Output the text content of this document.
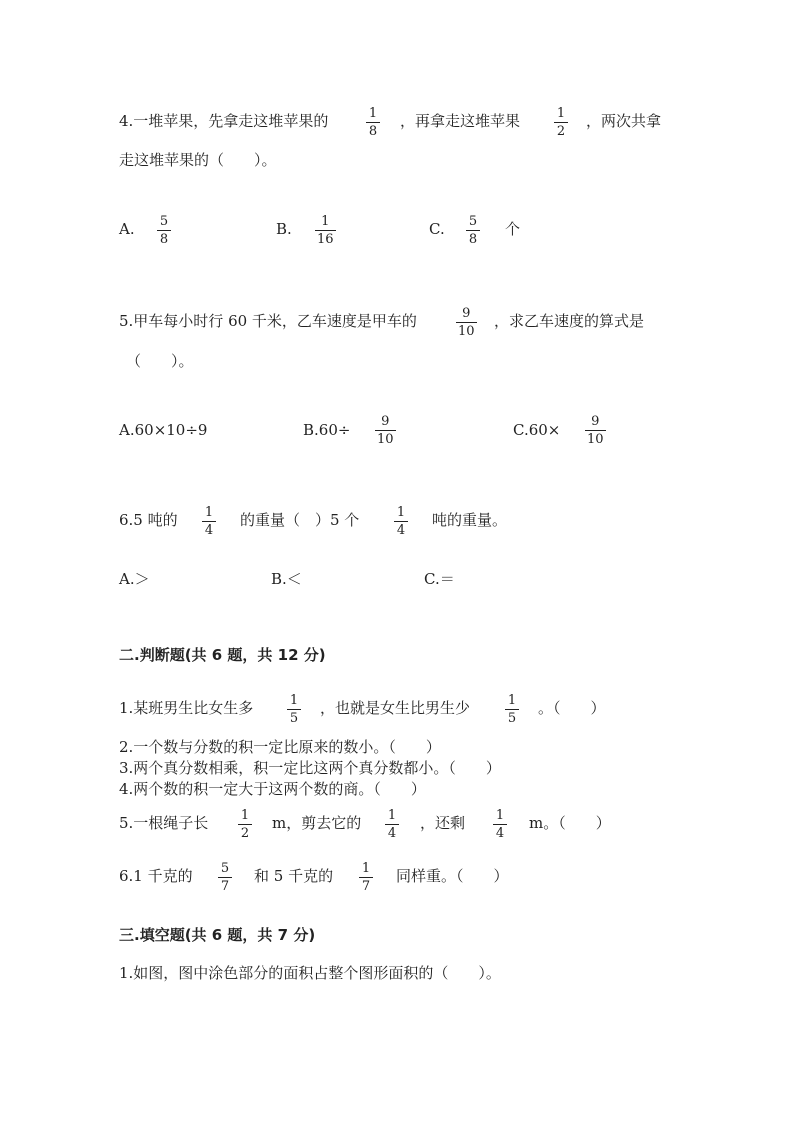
4.一堆苹果，先拿走这堆苹果的	1
8
，再拿走这堆苹果	1
2
，两次共拿
走这堆苹果的（　　）。
A. 5
8
B. 1
16
C. 5
8
个
5.甲车每小时行 60 千米，乙车速度是甲车的	9
10
，求乙车速度的算式是
（　　）。
A.60×10÷9	B.60÷ 9
10
C.60× 9
10
6.5 吨的 1
4
的重量（　）5 个	1
4
吨的重量。
A.＞	B.＜	C.＝
二.判断题(共 6 题，共 12 分)
1.某班男生比女生多	1
5
，也就是女生比男生少	1
5
。（　　）
2.一个数与分数的积一定比原来的数小。（　　）
3.两个真分数相乘，积一定比这两个真分数都小。（　　）
4.两个数的积一定大于这两个数的商。（　　）
5.一根绳子长	1
2
m，剪去它的 1
4
，还剩 1
4
m。（　　）
6.1 千克的 5
7
和 5 千克的 1
7
同样重。（　　）
三.填空题(共 6 题，共 7 分)
1.如图，图中涂色部分的面积占整个图形面积的（　　）。
